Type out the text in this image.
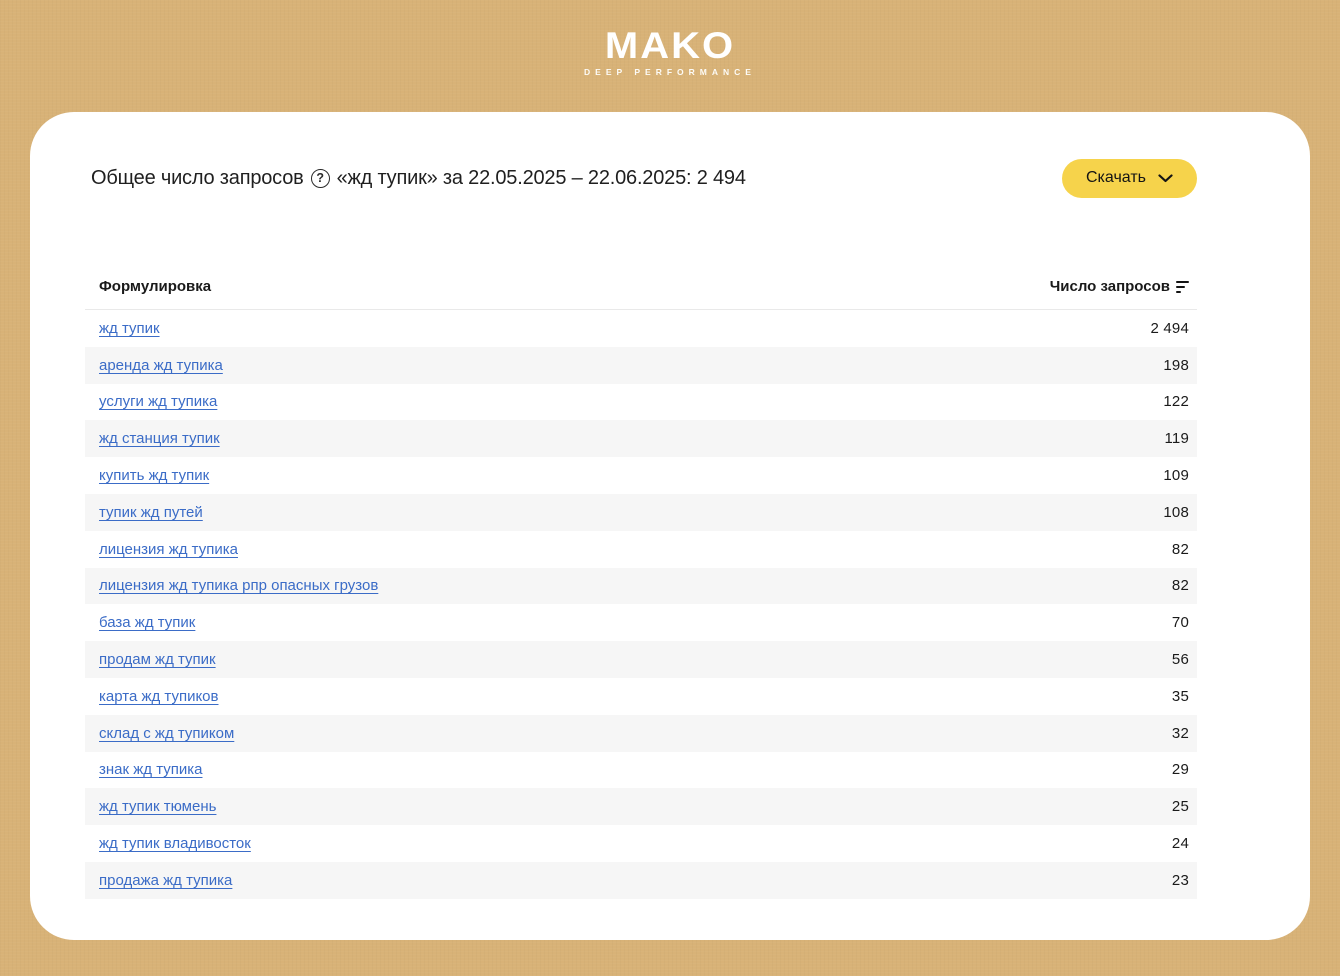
MAKO
DEEP PERFORMANCE
Общее число запросов	? «жд тупик» за 22.05.2025 – 22.06.2025: 2 494	Скачать
Формулировка	Число запросов
жд тупик	2 494
аренда жд тупика	198
услуги жд тупика	122
жд станция тупик	119
купить жд тупик	109
тупик жд путей	108
лицензия жд тупика	82
лицензия жд тупика рпр опасных грузов	82
база жд тупик	70
продам жд тупик	56
карта жд тупиков	35
склад с жд тупиком	32
знак жд тупика	29
жд тупик тюмень	25
жд тупик владивосток	24
продажа жд тупика	23
